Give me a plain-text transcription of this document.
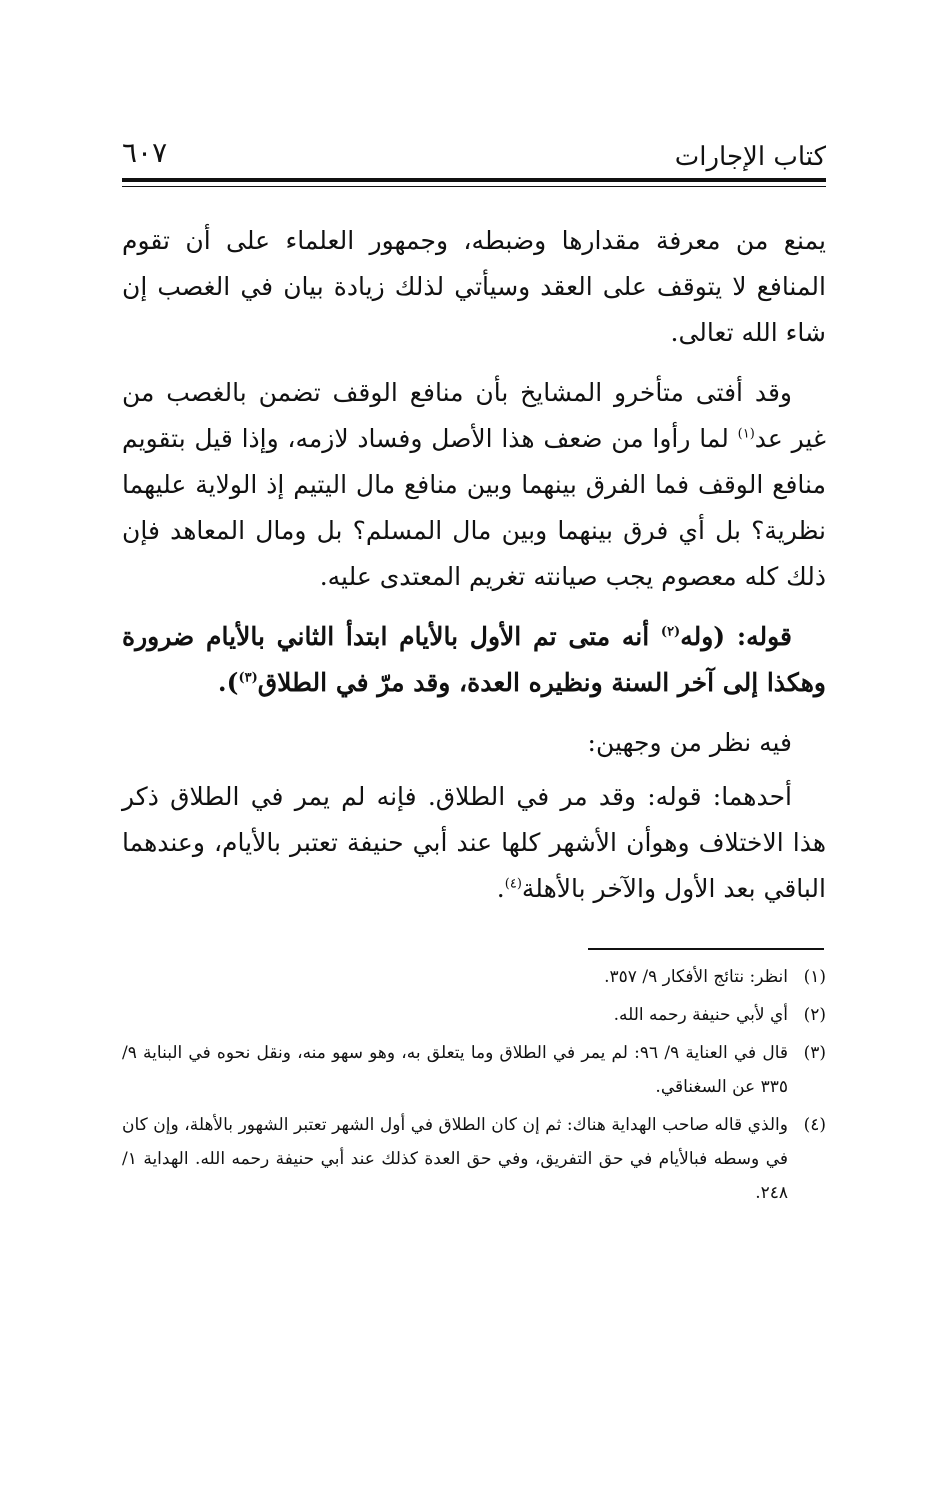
كتاب الإجارات
٦٠٧

يمنع من معرفة مقدارها وضبطه، وجمهور العلماء على أن تقوم المنافع لا يتوقف على العقد وسيأتي لذلك زيادة بيان في الغصب إن شاء الله تعالى.

وقد أفتى متأخرو المشايخ بأن منافع الوقف تضمن بالغصب من غير عد$^{(١)}$ لما رأوا من ضعف هذا الأصل وفساد لازمه، وإذا قيل بتقويم منافع الوقف فما الفرق بينهما وبين منافع مال اليتيم إذ الولاية عليهما نظرية؟ بل أي فرق بينهما وبين مال المسلم؟ بل ومال المعاهد فإن ذلك كله معصوم يجب صيانته تغريم المعتدى عليه.

قوله: (وله$^{(٢)}$ أنه متى تم الأول بالأيام ابتدأ الثاني بالأيام ضرورة وهكذا إلى آخر السنة ونظيره العدة، وقد مرّ في الطلاق$^{(٣)}$).

فيه نظر من وجهين:

أحدهما: قوله: وقد مر في الطلاق. فإنه لم يمر في الطلاق ذكر هذا الاختلاف وهوأن الأشهر كلها عند أبي حنيفة تعتبر بالأيام، وعندهما الباقي بعد الأول والآخر بالأهلة$^{(٤)}$.

(١)
انظر: نتائج الأفكار ٩/ ٣٥٧.

(٢)
أي لأبي حنيفة رحمه الله.

(٣)
قال في العناية ٩/ ٩٦: لم يمر في الطلاق وما يتعلق به، وهو سهو منه، ونقل نحوه في البناية ٩/ ٣٣٥ عن السغناقي.

(٤)
والذي قاله صاحب الهداية هناك: ثم إن كان الطلاق في أول الشهر تعتبر الشهور بالأهلة، وإن كان في وسطه فبالأيام في حق التفريق، وفي حق العدة كذلك عند أبي حنيفة رحمه الله. الهداية ١/ ٢٤٨.
